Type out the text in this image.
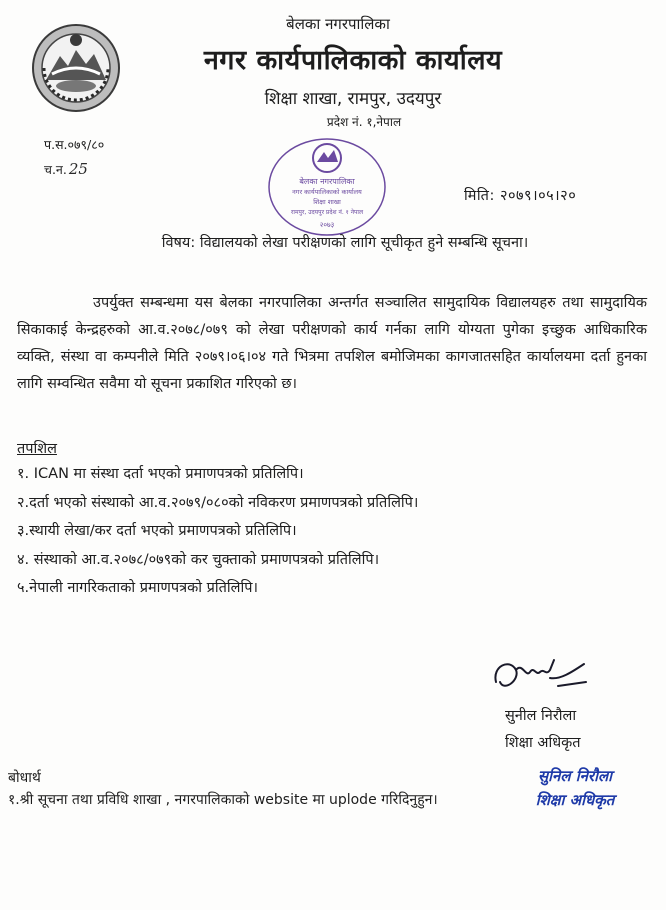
बेलका नगरपालिका
नगर कार्यपालिकाको कार्यालय
शिक्षा शाखा, रामपुर, उदयपुर
प्रदेश नं. १,नेपाल
प.स.०७९/८०
च.न. 25
बेलका नगरपालिका
नगर कार्यपालिकाको कार्यालय
शिक्षा शाखा
रामपुर, उदयपुर प्रदेश नं. १ नेपाल
२०७३
मिति: २०७९।०५।२०
विषय: विद्यालयको लेखा परीक्षणको लागि सूचीकृत हुने सम्बन्धि सूचना।
उपर्युक्त सम्बन्धमा यस बेलका नगरपालिका अन्तर्गत सञ्चालित सामुदायिक विद्यालयहरु तथा सामुदायिक सिकाकाई केन्द्रहरुको आ.व.२०७८/०७९ को लेखा परीक्षणको कार्य गर्नका लागि योग्यता पुगेका इच्छुक आधिकारिक व्यक्ति, संस्था वा कम्पनीले मिति २०७९।०६।०४ गते भित्रमा तपशिल बमोजिमका कागजातसहित कार्यालयमा दर्ता हुनका लागि सम्वन्धित सवैमा यो सूचना प्रकाशित गरिएको छ।
तपशिल
१. ICAN मा संस्था दर्ता भएको प्रमाणपत्रको प्रतिलिपि।
२.दर्ता भएको संस्थाको आ.व.२०७९/०८०को नविकरण प्रमाणपत्रको प्रतिलिपि।
३.स्थायी लेखा/कर दर्ता भएको प्रमाणपत्रको प्रतिलिपि।
४. संस्थाको आ.व.२०७८/०७९को कर चुक्ताको प्रमाणपत्रको प्रतिलिपि।
५.नेपाली नागरिकताको प्रमाणपत्रको प्रतिलिपि।
सुनील निरौला
शिक्षा अधिकृत
बोधार्थ
१.श्री सूचना तथा प्रविधि शाखा , नगरपालिकाको website मा uplode गरिदिनुहुन।
सुनिल निरौला
शिक्षा अधिकृत
